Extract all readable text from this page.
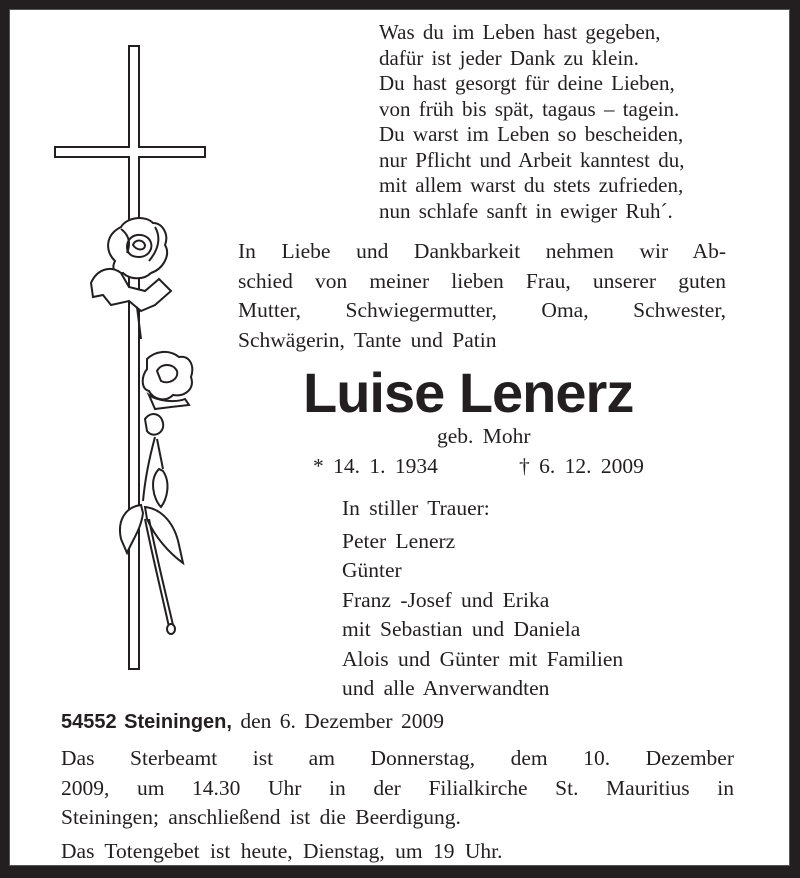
Was du im Leben hast gegeben,
dafür ist jeder Dank zu klein.
Du hast gesorgt für deine Lieben,
von früh bis spät, tagaus – tagein.
Du warst im Leben so bescheiden,
nur Pflicht und Arbeit kanntest du,
mit allem warst du stets zufrieden,
nun schlafe sanft in ewiger Ruh´.
In Liebe und Dankbarkeit nehmen wir Ab-
schied von meiner lieben Frau, unserer guten
Mutter, Schwiegermutter, Oma, Schwester,
Schwägerin, Tante und Patin
Luise Lenerz
geb. Mohr
* 14. 1. 1934	† 6. 12. 2009
In stiller Trauer:
Peter Lenerz
Günter
Franz -Josef und Erika
mit Sebastian und Daniela
Alois und Günter mit Familien
und alle Anverwandten
54552 Steiningen, den 6. Dezember 2009
Das Sterbeamt ist am Donnerstag, dem 10. Dezember
2009, um 14.30 Uhr in der Filialkirche St. Mauritius in
Steiningen; anschließend ist die Beerdigung.
Das Totengebet ist heute, Dienstag, um 19 Uhr.
